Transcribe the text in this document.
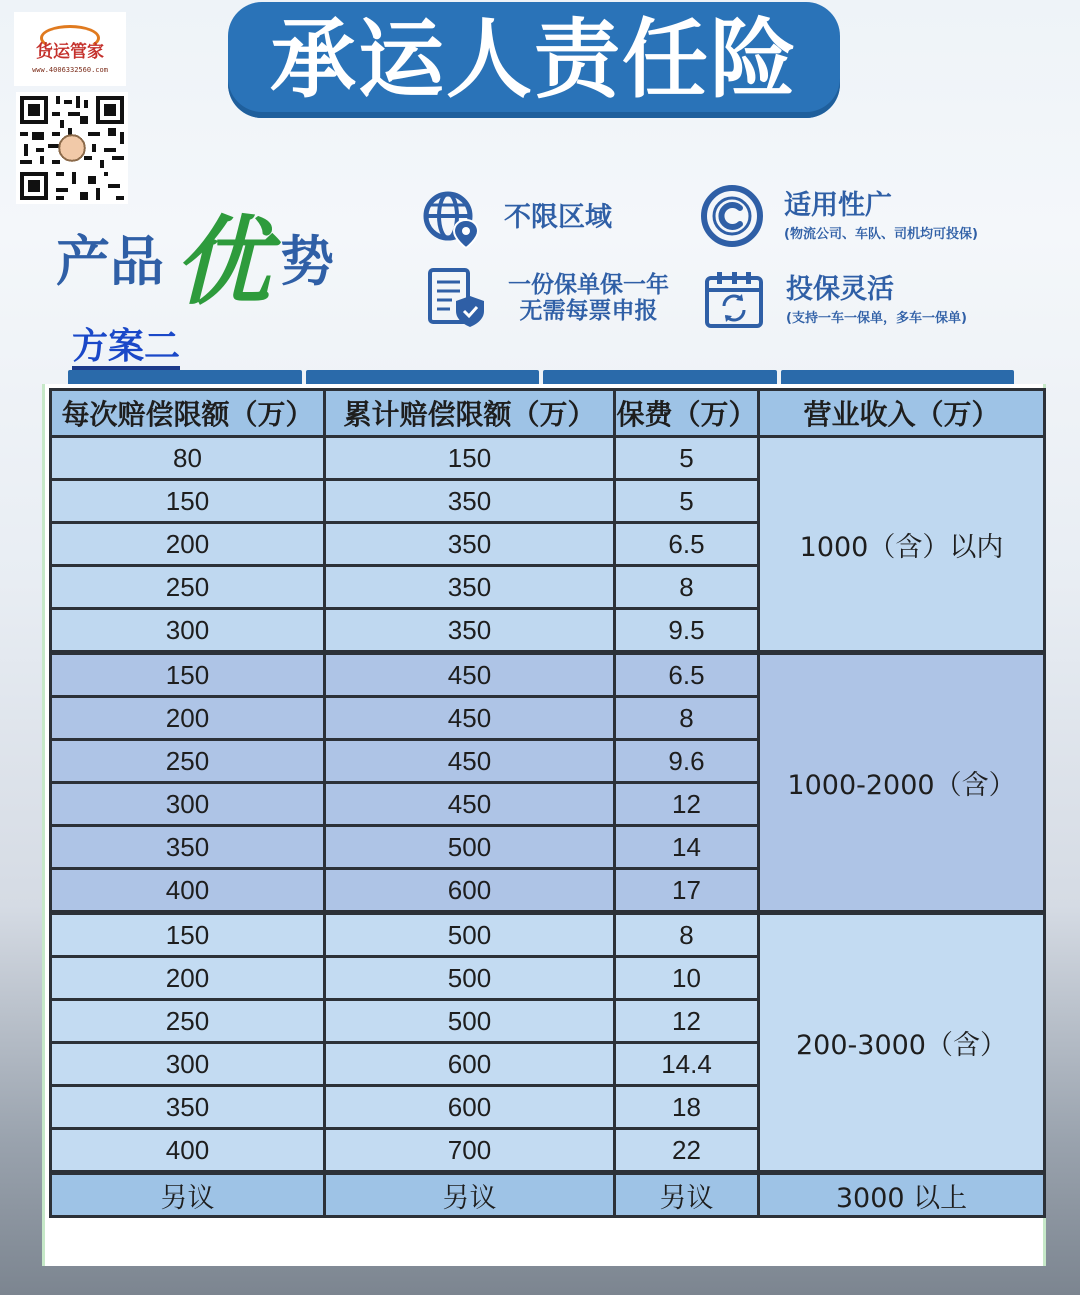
承运人责任险
货运管家
www.4006332560.com
产品 优 势
不限区域	适用性广
(物流公司、车队、司机均可投保)
一份保单保一年
无需每票申报
投保灵活
(支持一车一保单，多车一保单)
方案二
每次赔偿限额（万）	累计赔偿限额（万）	保费（万）	营业收入（万）
80	150	5	1000（含）以内
150	350	5	
200	350	6.5	
250	350	8	
300	350	9.5	
150	450	6.5	1000-2000（含）
200	450	8	
250	450	9.6	
300	450	12	
350	500	14	
400	600	17	
150	500	8	200-3000（含）
200	500	10	
250	500	12	
300	600	14.4	
350	600	18	
400	700	22	
另议	另议	另议	3000 以上
